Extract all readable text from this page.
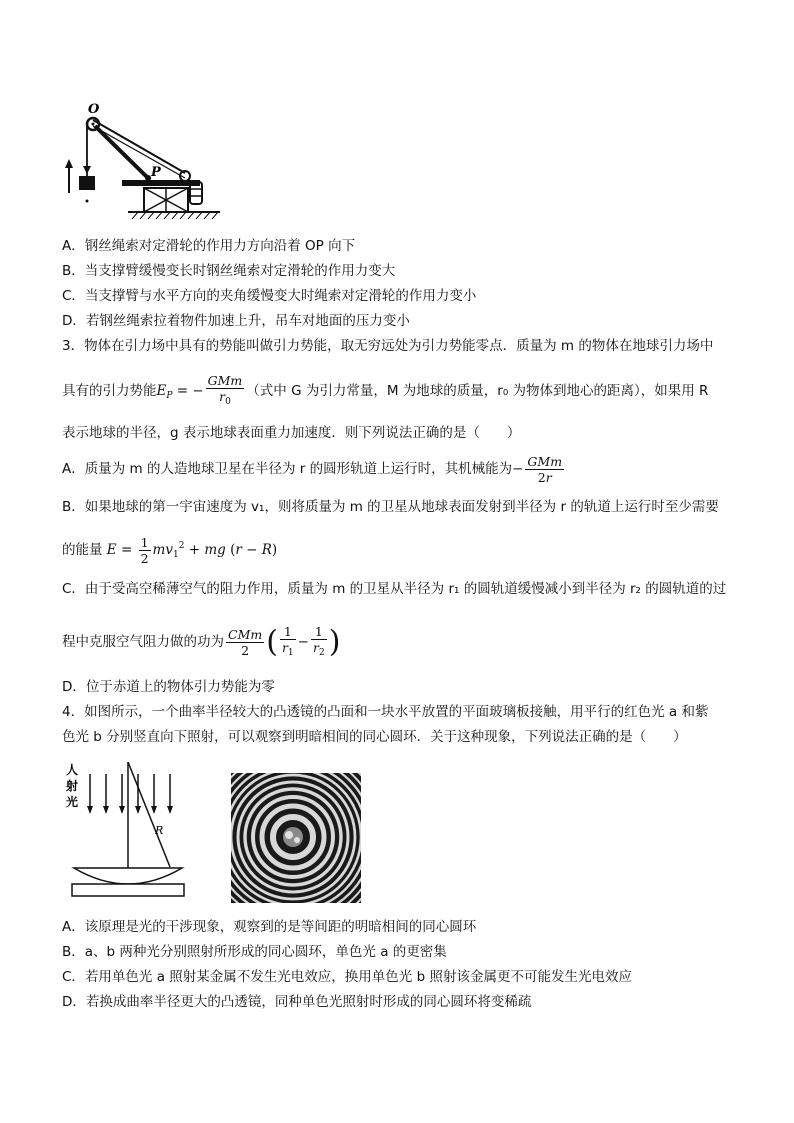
O
P
A．钢丝绳索对定滑轮的作用力方向沿着 OP 向下
B．当支撑臂缓慢变长时钢丝绳索对定滑轮的作用力变大
C．当支撑臂与水平方向的夹角缓慢变大时绳索对定滑轮的作用力变小
D．若钢丝绳索拉着物件加速上升，吊车对地面的压力变小
3．物体在引力场中具有的势能叫做引力势能，取无穷远处为引力势能零点．质量为 m 的物体在地球引力场中
具有的引力势能$E_P$ = − $\frac{\text{GMm}}{r_0}$ （式中 G 为引力常量，M 为地球的质量，r₀ 为物体到地心的距离），如果用 R
表示地球的半径，g 表示地球表面重力加速度．则下列说法正确的是（　　）
A．质量为 m 的人造地球卫星在半径为 r 的圆形轨道上运行时，其机械能为− $\frac{\text{GMm}}{2r}$
B．如果地球的第一宇宙速度为 v₁，则将质量为 m 的卫星从地球表面发射到半径为 r 的轨道上运行时至少需要
的能量 $E = \frac{1}{2} mv_1^2$ + mg (r − R)
C．由于受高空稀薄空气的阻力作用，质量为 m 的卫星从半径为 r₁ 的圆轨道缓慢减小到半径为 r₂ 的圆轨道的过
程中克服空气阻力做的功为 $\frac{\text{CMm}}{2}$ ( $\frac{1}{r_1} - \frac{1}{r_2}$ )
D．位于赤道上的物体引力势能为零
4．如图所示，一个曲率半径较大的凸透镜的凸面和一块水平放置的平面玻璃板接触，用平行的红色光 a 和紫
色光 b 分别竖直向下照射，可以观察到明暗相间的同心圆环．关于这种现象，下列说法正确的是（　　）
人
射
光
R
A．该原理是光的干涉现象，观察到的是等间距的明暗相间的同心圆环
B．a、b 两种光分别照射所形成的同心圆环，单色光 a 的更密集
C．若用单色光 a 照射某金属不发生光电效应，换用单色光 b 照射该金属更不可能发生光电效应
D．若换成曲率半径更大的凸透镜，同种单色光照射时形成的同心圆环将变稀疏
